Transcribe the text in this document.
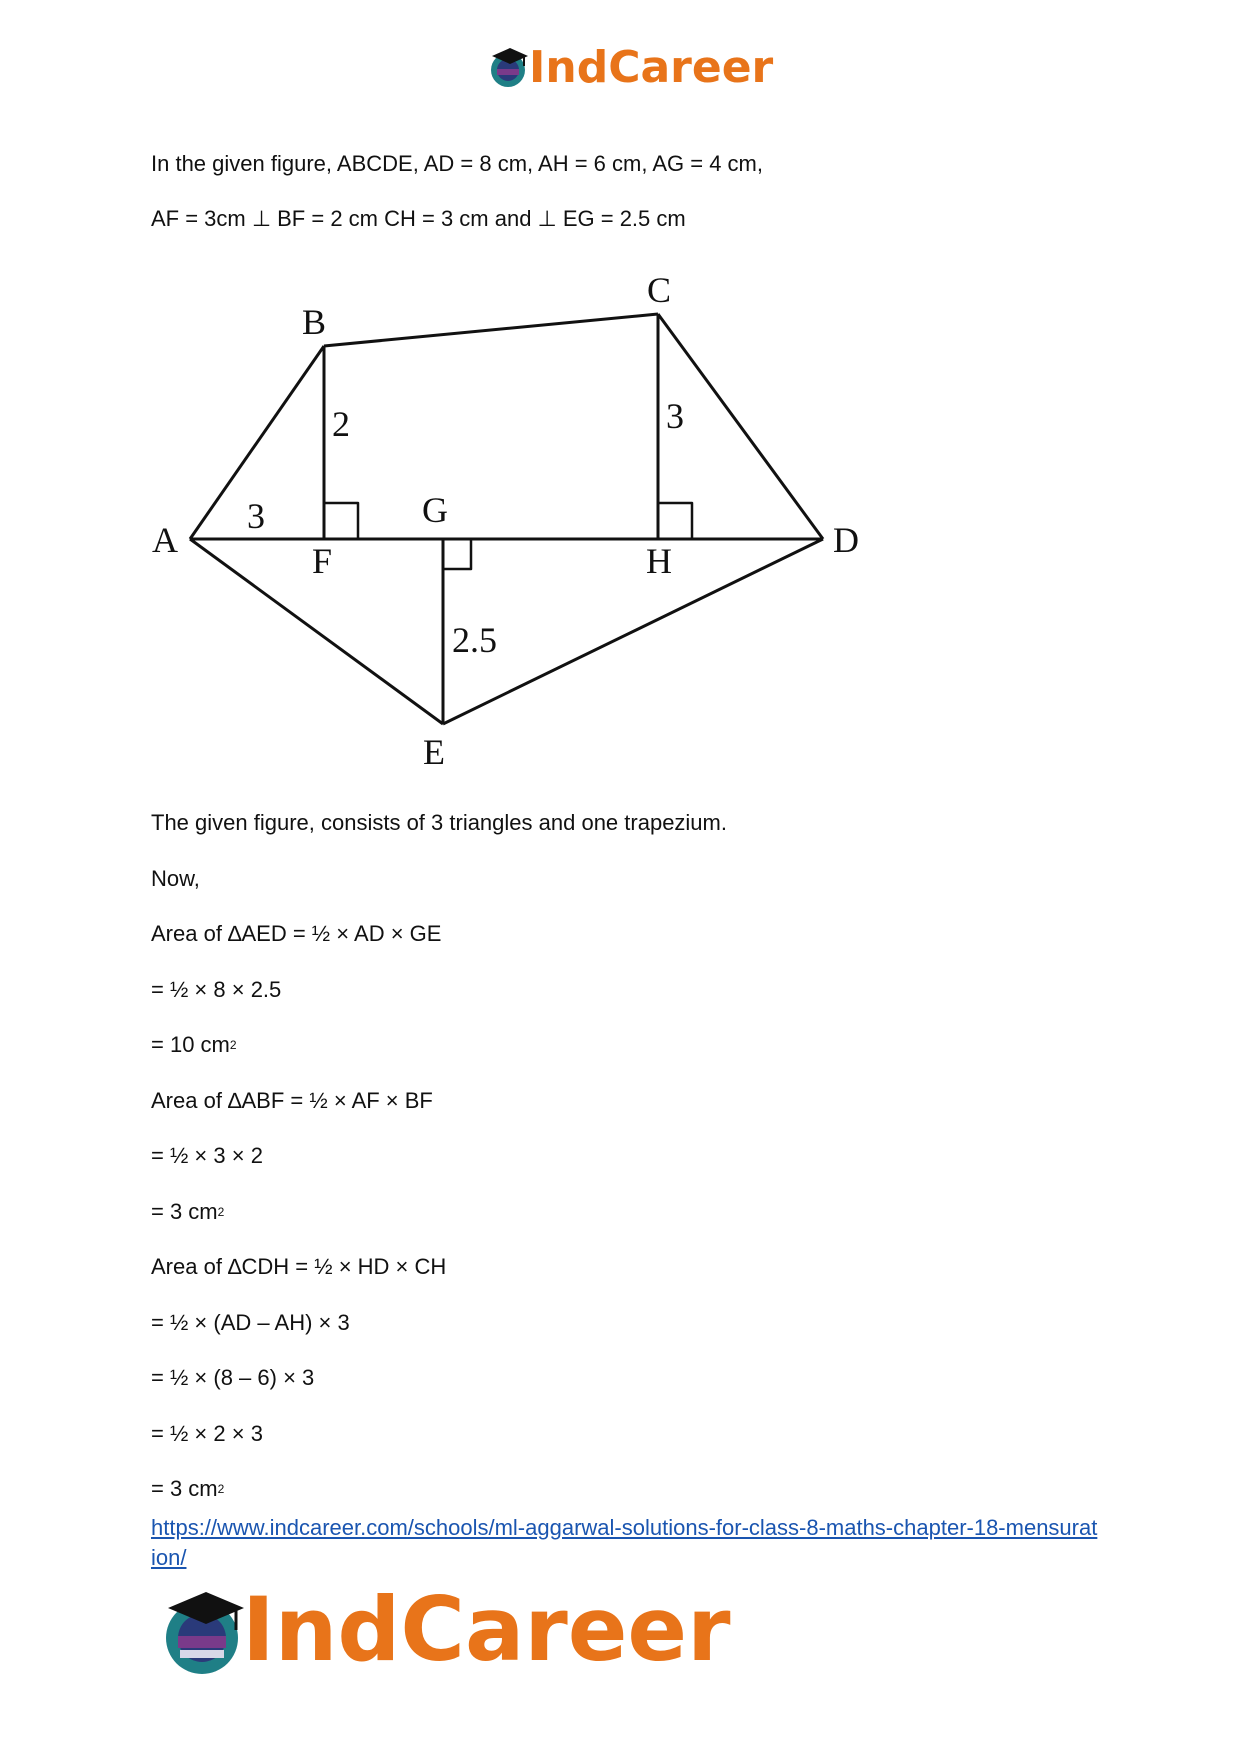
IndCareer
In the given figure, ABCDE, AD = 8 cm, AH = 6 cm, AG = 4 cm,
AF = 3cm ⊥ BF = 2 cm CH = 3 cm and ⊥ EG = 2.5 cm
A
B
C
D
E
F
G
H
3
2	3
2.5
The given figure, consists of 3 triangles and one trapezium.
Now,
Area of ∆AED = ½ × AD × GE
= ½ × 8 × 2.5
= 10 $cm^2$
Area of ∆ABF = ½ × AF × BF
= ½ × 3 × 2
= 3 $cm^2$
Area of ∆CDH = ½ × HD × CH
= ½ × (AD – AH) × 3
= ½ × (8 – 6) × 3
= ½ × 2 × 3
= 3 $cm^2$
https://www.indcareer.com/schools/ml-aggarwal-solutions-for-class-8-maths-chapter-18-mensuration/
IndCareer
